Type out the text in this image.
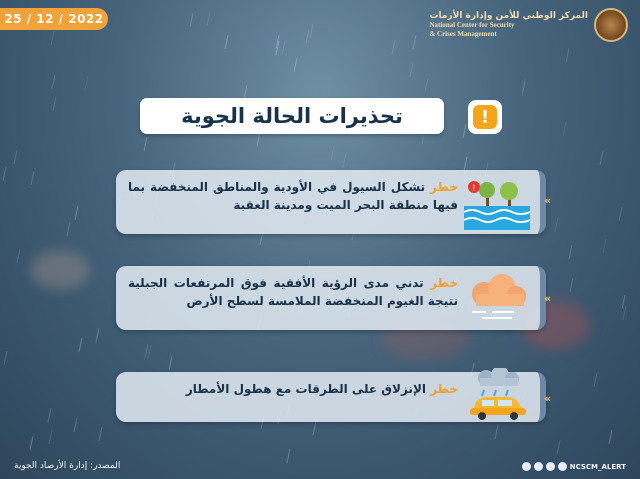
25 / 12 / 2022	المركز الوطني للأمن وإدارة الأزمات
National Center for Security
& Crises Management
تحذيرات الحالة الجوية	!
خطر تشكل السيول في الأودية والمناطق المنخفضة بما فيها منطقة البحر الميت ومدينة العقبة
!
«
خطر تدني مدى الرؤية الأفقية فوق المرتفعات الجبلية نتيجة الغيوم المنخفضة الملامسة لسطح الأرض	«
خطر الإنزلاق على الطرقات مع هطول الأمطار
«
المصدر: إدارة الأرصاد الجوية	NCSCM_ALERT
